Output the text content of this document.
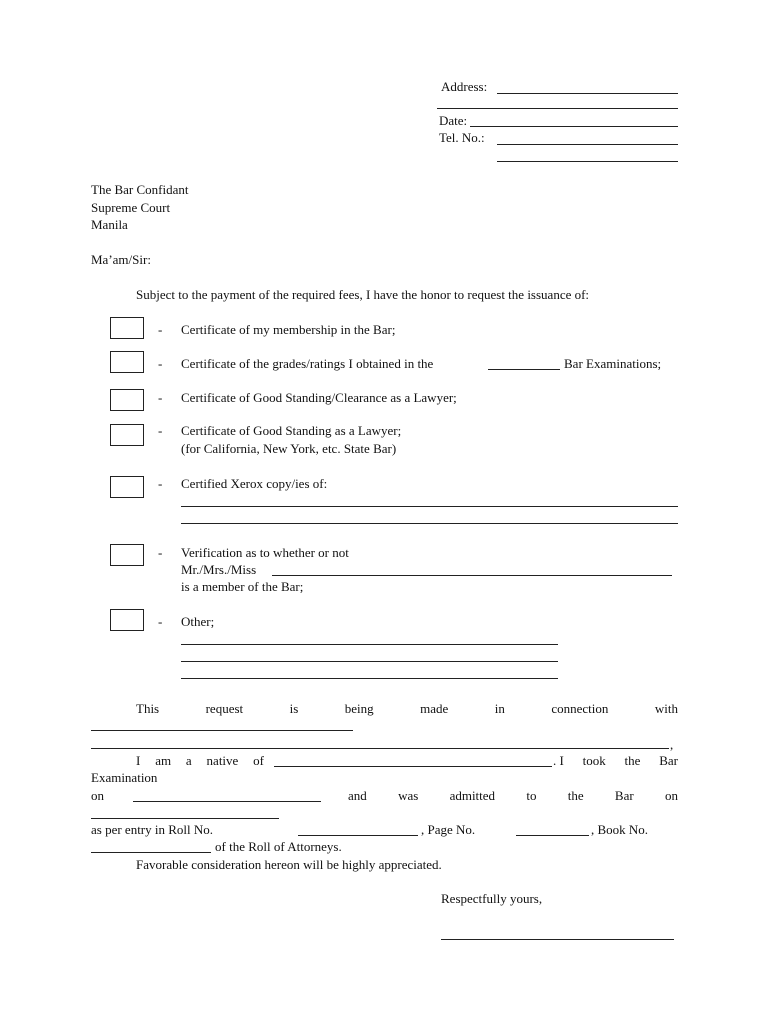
Address:
Date:
Tel. No.:
The Bar Confidant
Supreme Court
Manila
Ma’am/Sir:
Subject to the payment of the required fees, I have the honor to request the issuance of:
- Certificate of my membership in the Bar;
- Certificate of the grades/ratings I obtained in the	Bar Examinations;
- Certificate of Good Standing/Clearance as a Lawyer;
- Certificate of Good Standing as a Lawyer;
(for California, New York, etc. State Bar)
- Certified Xerox copy/ies of:
- Verification as to whether or not
Mr./Mrs./Miss
is a member of the Bar;
- Other;
This	request	is	being	made	in	connection	with
,
I am a native of	. I took the Bar
Examination
on	and was admitted to the Bar on
as per entry in Roll No.	, Page No.	, Book No.
of the Roll of Attorneys.
Favorable consideration hereon will be highly appreciated.
Respectfully yours,
